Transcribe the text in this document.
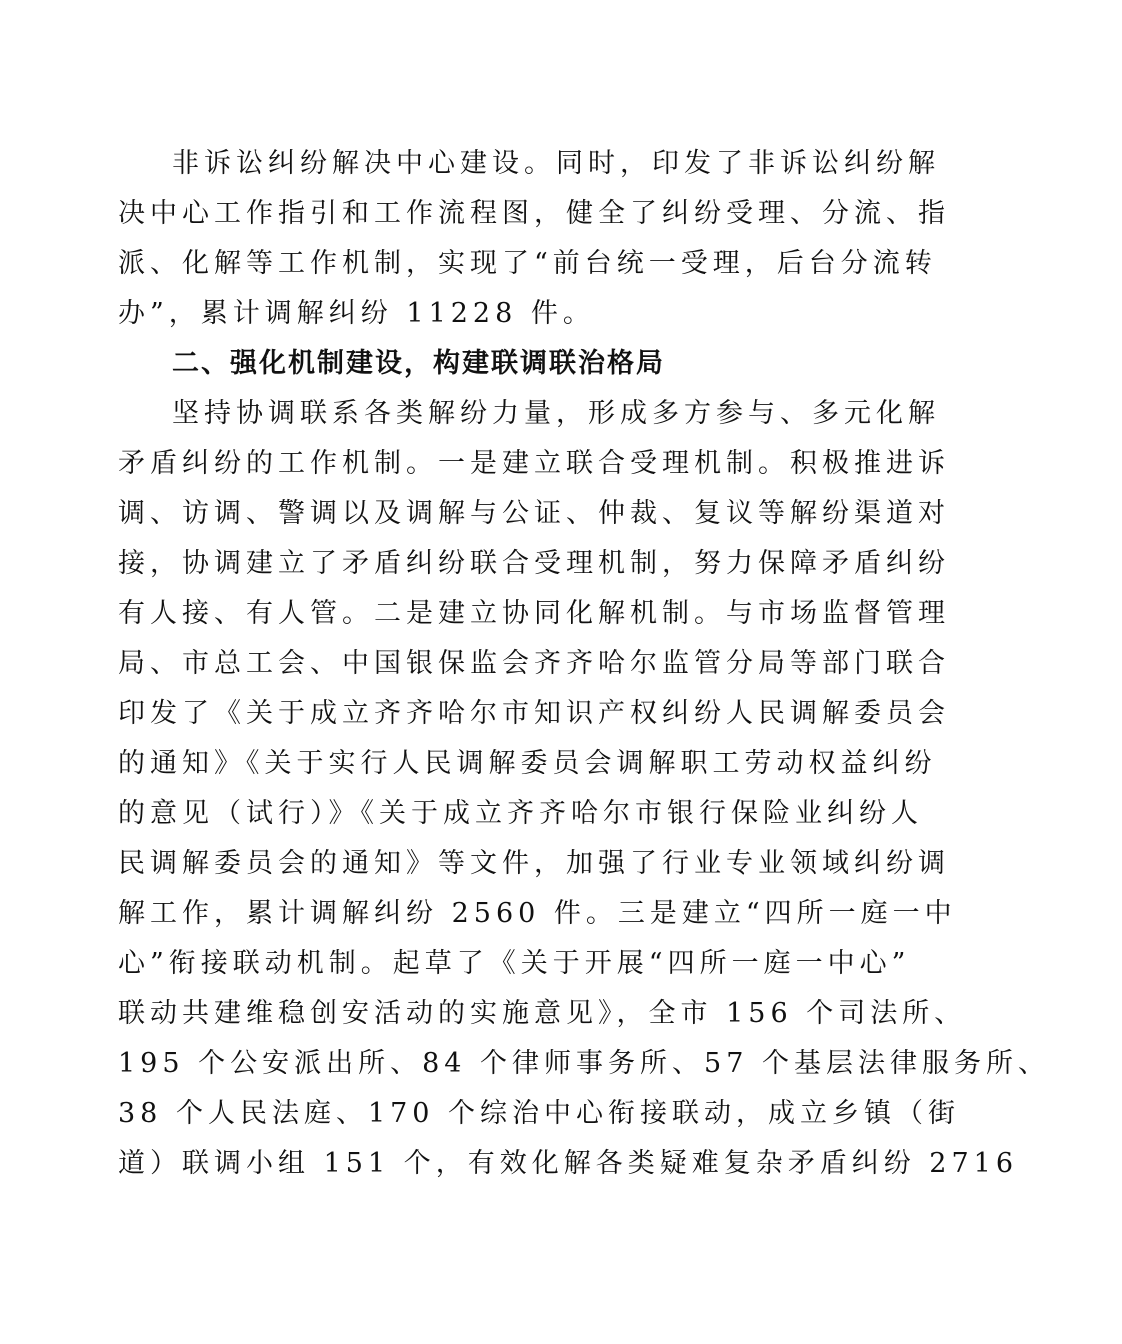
非诉讼纠纷解决中心建设。同时，印发了非诉讼纠纷解
决中心工作指引和工作流程图，健全了纠纷受理、分流、指
派、化解等工作机制，实现了“前台统一受理，后台分流转
办”，累计调解纠纷 11228 件。
二、强化机制建设，构建联调联治格局
坚持协调联系各类解纷力量，形成多方参与、多元化解
矛盾纠纷的工作机制。一是建立联合受理机制。积极推进诉
调、访调、警调以及调解与公证、仲裁、复议等解纷渠道对
接，协调建立了矛盾纠纷联合受理机制，努力保障矛盾纠纷
有人接、有人管。二是建立协同化解机制。与市场监督管理
局、市总工会、中国银保监会齐齐哈尔监管分局等部门联合
印发了《关于成立齐齐哈尔市知识产权纠纷人民调解委员会
的通知》《关于实行人民调解委员会调解职工劳动权益纠纷
的意见（试行）》《关于成立齐齐哈尔市银行保险业纠纷人
民调解委员会的通知》等文件，加强了行业专业领域纠纷调
解工作，累计调解纠纷 2560 件。三是建立“四所一庭一中
心”衔接联动机制。起草了《关于开展“四所一庭一中心”
联动共建维稳创安活动的实施意见》，全市 156 个司法所、
195 个公安派出所、84 个律师事务所、57 个基层法律服务所、
38 个人民法庭、170 个综治中心衔接联动，成立乡镇（街
道）联调小组 151 个，有效化解各类疑难复杂矛盾纠纷 2716
